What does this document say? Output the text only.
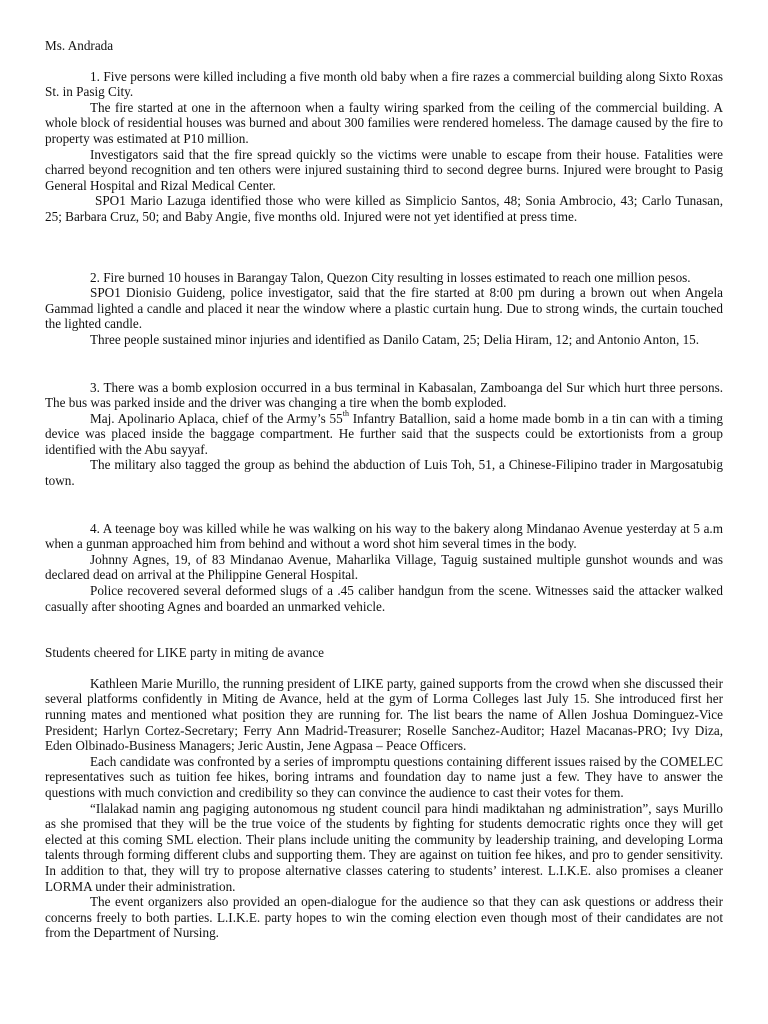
Ms. Andrada

1. Five persons were killed including a five month old baby when a fire razes a commercial building along Sixto Roxas St. in Pasig City.

The fire started at one in the afternoon when a faulty wiring sparked from the ceiling of the commercial building. A whole block of residential houses was burned and about 300 families were rendered homeless. The damage caused by the fire to property was estimated at P10 million.

Investigators said that the fire spread quickly so the victims were unable to escape from their house. Fatalities were charred beyond recognition and ten others were injured sustaining third to second degree burns. Injured were brought to Pasig General Hospital and Rizal Medical Center.

SPO1 Mario Lazuga identified those who were killed as Simplicio Santos, 48; Sonia Ambrocio, 43; Carlo Tunasan, 25; Barbara Cruz, 50; and Baby Angie, five months old. Injured were not yet identified at press time.

2. Fire burned 10 houses in Barangay Talon, Quezon City resulting in losses estimated to reach one million pesos.

SPO1 Dionisio Guideng, police investigator, said that the fire started at 8:00 pm during a brown out when Angela Gammad lighted a candle and placed it near the window where a plastic curtain hung. Due to strong winds, the curtain touched the lighted candle.

Three people sustained minor injuries and identified as Danilo Catam, 25; Delia Hiram, 12; and Antonio Anton, 15.

3. There was a bomb explosion occurred in a bus terminal in Kabasalan, Zamboanga del Sur which hurt three persons. The bus was parked inside and the driver was changing a tire when the bomb exploded.

Maj. Apolinario Aplaca, chief of the Army’s 55th Infantry Batallion, said a home made bomb in a tin can with a timing device was placed inside the baggage compartment. He further said that the suspects could be extortionists from a group identified with the Abu sayyaf.

The military also tagged the group as behind the abduction of Luis Toh, 51, a Chinese-Filipino trader in Margosatubig town.

4. A teenage boy was killed while he was walking on his way to the bakery along Mindanao Avenue yesterday at 5 a.m when a gunman approached him from behind and without a word shot him several times in the body.

Johnny Agnes, 19, of 83 Mindanao Avenue, Maharlika Village, Taguig sustained multiple gunshot wounds and was declared dead on arrival at the Philippine General Hospital.

Police recovered several deformed slugs of a .45 caliber handgun from the scene. Witnesses said the attacker walked casually after shooting Agnes and boarded an unmarked vehicle.

Students cheered for LIKE party in miting de avance

Kathleen Marie Murillo, the running president of LIKE party, gained supports from the crowd when she discussed their several platforms confidently in Miting de Avance, held at the gym of Lorma Colleges last July 15. She introduced first her running mates and mentioned what position they are running for. The list bears the name of Allen Joshua Dominguez-Vice President; Harlyn Cortez-Secretary; Ferry Ann Madrid-Treasurer; Roselle Sanchez-Auditor; Hazel Macanas-PRO; Ivy Diza, Eden Olbinado-Business Managers; Jeric Austin, Jene Agpasa – Peace Officers.

Each candidate was confronted by a series of impromptu questions containing different issues raised by the COMELEC representatives such as tuition fee hikes, boring intrams and foundation day to name just a few. They have to answer the questions with much conviction and credibility so they can convince the audience to cast their votes for them.

“Ilalakad namin ang pagiging autonomous ng student council para hindi madiktahan ng administration”, says Murillo as she promised that they will be the true voice of the students by fighting for students democratic rights once they will get elected at this coming SML election. Their plans include uniting the community by leadership training, and developing Lorma talents through forming different clubs and supporting them. They are against on tuition fee hikes, and pro to gender sensitivity. In addition to that, they will try to propose alternative classes catering to students’ interest. L.I.K.E. also promises a cleaner LORMA under their administration.

The event organizers also provided an open-dialogue for the audience so that they can ask questions or address their concerns freely to both parties. L.I.K.E. party hopes to win the coming election even though most of their candidates are not from the Department of Nursing.
